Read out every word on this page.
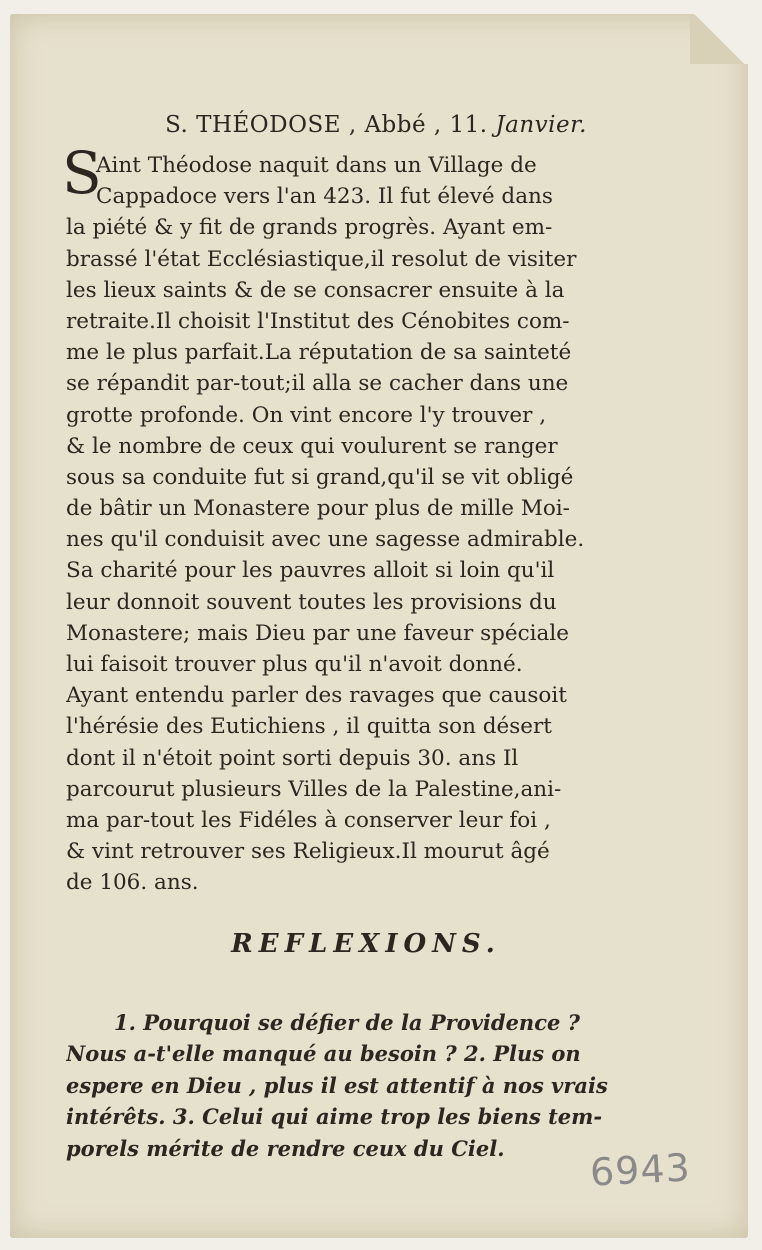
S. THÉODOSE , Abbé , 11. Janvier.
S
Aint Théodose naquit dans un Village de
Cappadoce vers l'an 423. Il fut élevé dans
la piété & y fit de grands progrès. Ayant em-
brassé l'état Ecclésiastique,il resolut de visiter
les lieux saints & de se consacrer ensuite à la
retraite.Il choisit l'Institut des Cénobites com-
me le plus parfait.La réputation de sa sainteté
se répandit par-tout;il alla se cacher dans une
grotte profonde. On vint encore l'y trouver ,
& le nombre de ceux qui voulurent se ranger
sous sa conduite fut si grand,qu'il se vit obligé
de bâtir un Monastere pour plus de mille Moi-
nes qu'il conduisit avec une sagesse admirable.
Sa charité pour les pauvres alloit si loin qu'il
leur donnoit souvent toutes les provisions du
Monastere; mais Dieu par une faveur spéciale
lui faisoit trouver plus qu'il n'avoit donné.
Ayant entendu parler des ravages que causoit
l'hérésie des Eutichiens , il quitta son désert
dont il n'étoit point sorti depuis 30. ans Il
parcourut plusieurs Villes de la Palestine,ani-
ma par-tout les Fidéles à conserver leur foi ,
& vint retrouver ses Religieux.Il mourut âgé
de 106. ans.
REFLEXIONS.
1. Pourquoi se défier de la Providence ?
Nous a-t'elle manqué au besoin ? 2. Plus on
espere en Dieu , plus il est attentif à nos vrais
intérêts. 3. Celui qui aime trop les biens tem-
porels mérite de rendre ceux du Ciel.	6943
